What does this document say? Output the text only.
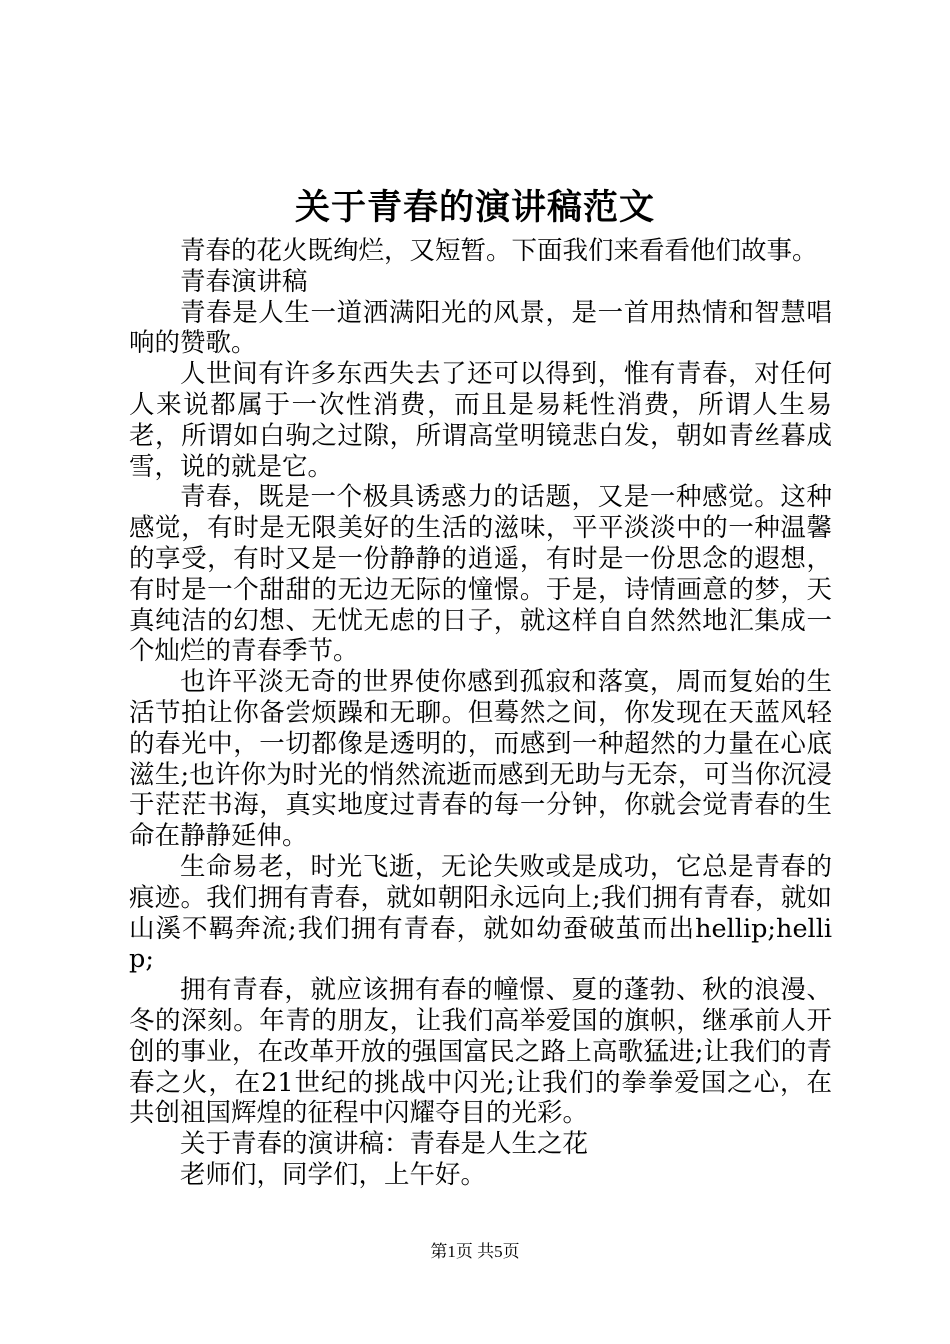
关于青春的演讲稿范文

青春的花火既绚烂，又短暂。下面我们来看看他们故事。

青春演讲稿

青春是人生一道洒满阳光的风景，是一首用热情和智慧唱响的赞歌。

人世间有许多东西失去了还可以得到，惟有青春，对任何人来说都属于一次性消费，而且是易耗性消费，所谓人生易老，所谓如白驹之过隙，所谓高堂明镜悲白发，朝如青丝暮成雪，说的就是它。

青春，既是一个极具诱惑力的话题，又是一种感觉。这种感觉，有时是无限美好的生活的滋味，平平淡淡中的一种温馨的享受，有时又是一份静静的逍遥，有时是一份思念的遐想，有时是一个甜甜的无边无际的憧憬。于是，诗情画意的梦，天真纯洁的幻想、无忧无虑的日子，就这样自自然然地汇集成一个灿烂的青春季节。

也许平淡无奇的世界使你感到孤寂和落寞，周而复始的生活节拍让你备尝烦躁和无聊。但蓦然之间，你发现在天蓝风轻的春光中，一切都像是透明的，而感到一种超然的力量在心底滋生;也许你为时光的悄然流逝而感到无助与无奈，可当你沉浸于茫茫书海，真实地度过青春的每一分钟，你就会觉青春的生命在静静延伸。

生命易老，时光飞逝，无论失败或是成功，它总是青春的痕迹。我们拥有青春，就如朝阳永远向上;我们拥有青春，就如山溪不羁奔流;我们拥有青春，就如幼蚕破茧而出hellip;hellip;

拥有青春，就应该拥有春的幢憬、夏的蓬勃、秋的浪漫、冬的深刻。年青的朋友，让我们高举爱国的旗帜，继承前人开创的事业，在改革开放的强国富民之路上高歌猛进;让我们的青春之火，在21世纪的挑战中闪光;让我们的拳拳爱国之心，在共创祖国辉煌的征程中闪耀夺目的光彩。

关于青春的演讲稿：青春是人生之花

老师们，同学们，上午好。

第1页 共5页
